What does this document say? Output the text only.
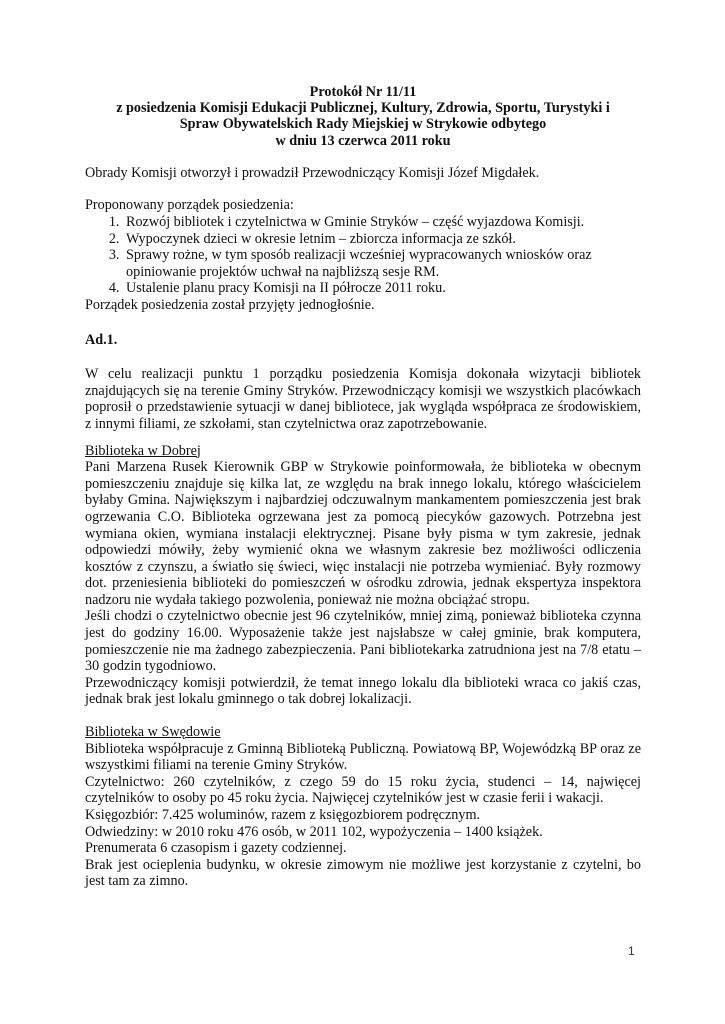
Protokół Nr 11/11
z posiedzenia Komisji Edukacji Publicznej, Kultury, Zdrowia, Sportu, Turystyki i
Spraw Obywatelskich Rady Miejskiej w Strykowie odbytego
w dniu 13 czerwca 2011 roku

Obrady Komisji otworzył i prowadził Przewodniczący Komisji Józef Migdałek.

Proponowany porządek posiedzenia:

1. Rozwój bibliotek i czytelnictwa w Gminie Stryków – część wyjazdowa Komisji.
2. Wypoczynek dzieci w okresie letnim – zbiorcza informacja ze szkół.
3. Sprawy rożne, w tym sposób realizacji wcześniej wypracowanych wniosków oraz opiniowanie projektów uchwał na najbliższą sesje RM.
4. Ustalenie planu pracy Komisji na II półrocze 2011 roku.

Porządek posiedzenia został przyjęty jednogłośnie.

Ad.1.

W celu realizacji punktu 1 porządku posiedzenia Komisja dokonała wizytacji bibliotek znajdujących się na terenie Gminy Stryków. Przewodniczący komisji we wszystkich placówkach poprosił o przedstawienie sytuacji w danej bibliotece, jak wygląda współpraca ze środowiskiem, z innymi filiami, ze szkołami, stan czytelnictwa oraz zapotrzebowanie.

Biblioteka w Dobrej

Pani Marzena Rusek Kierownik GBP w Strykowie poinformowała, że biblioteka w obecnym pomieszczeniu znajduje się kilka lat, ze względu na brak innego lokalu, którego właścicielem byłaby Gmina. Największym i najbardziej odczuwalnym mankamentem pomieszczenia jest brak ogrzewania C.O. Biblioteka ogrzewana jest za pomocą piecyków gazowych. Potrzebna jest wymiana okien, wymiana instalacji elektrycznej. Pisane były pisma w tym zakresie, jednak odpowiedzi mówiły, żeby wymienić okna we własnym zakresie bez możliwości odliczenia kosztów z czynszu, a światło się świeci, więc instalacji nie potrzeba wymieniać. Były rozmowy dot. przeniesienia biblioteki do pomieszczeń w ośrodku zdrowia, jednak ekspertyza inspektora nadzoru nie wydała takiego pozwolenia, ponieważ nie można obciążać stropu.

Jeśli chodzi o czytelnictwo obecnie jest 96 czytelników, mniej zimą, ponieważ biblioteka czynna jest do godziny 16.00. Wyposażenie także jest najsłabsze w całej gminie, brak komputera, pomieszczenie nie ma żadnego zabezpieczenia. Pani bibliotekarka zatrudniona jest na 7/8 etatu – 30 godzin tygodniowo.

Przewodniczący komisji potwierdził, że temat innego lokalu dla biblioteki wraca co jakiś czas, jednak brak jest lokalu gminnego o tak dobrej lokalizacji.

Biblioteka w Swędowie

Biblioteka współpracuje z Gminną Biblioteką Publiczną. Powiatową BP, Wojewódzką BP oraz ze wszystkimi filiami na terenie Gminy Stryków.

Czytelnictwo: 260 czytelników, z czego 59 do 15 roku życia, studenci – 14, najwięcej czytelników to osoby po 45 roku życia. Najwięcej czytelników jest w czasie ferii i wakacji.

Księgozbiór: 7.425 woluminów, razem z księgozbiorem podręcznym.

Odwiedziny: w 2010 roku 476 osób, w 2011 102, wypożyczenia – 1400 książek.

Prenumerata 6 czasopism i gazety codziennej.

Brak jest ocieplenia budynku, w okresie zimowym nie możliwe jest korzystanie z czytelni, bo jest tam za zimno.

1
